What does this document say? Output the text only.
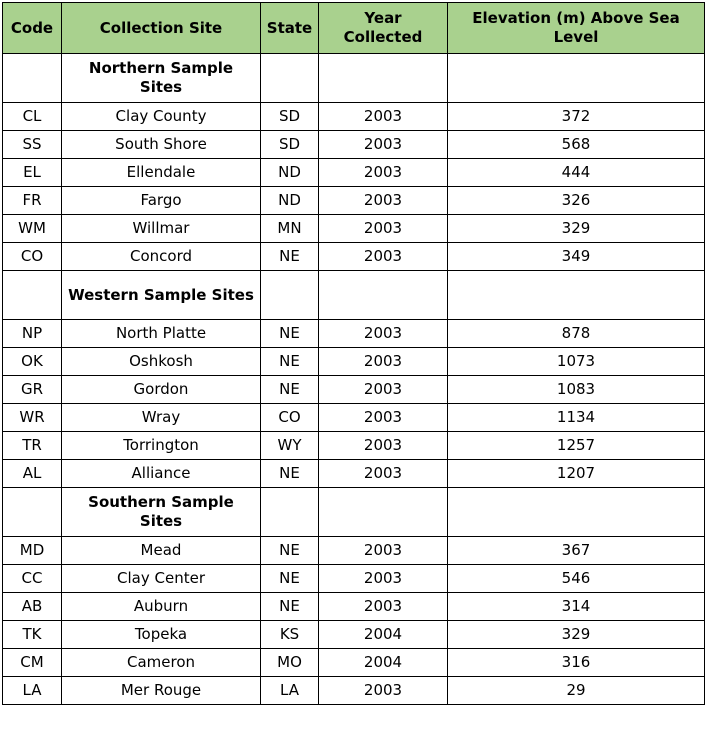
Code	Collection Site	State	Year Collected	Elevation (m) Above Sea Level
	Northern Sample Sites			
CL	Clay County	SD	2003	372
SS	South Shore	SD	2003	568
EL	Ellendale	ND	2003	444
FR	Fargo	ND	2003	326
WM	Willmar	MN	2003	329
CO	Concord	NE	2003	349
	Western Sample Sites			
NP	North Platte	NE	2003	878
OK	Oshkosh	NE	2003	1073
GR	Gordon	NE	2003	1083
WR	Wray	CO	2003	1134
TR	Torrington	WY	2003	1257
AL	Alliance	NE	2003	1207
	Southern Sample Sites			
MD	Mead	NE	2003	367
CC	Clay Center	NE	2003	546
AB	Auburn	NE	2003	314
TK	Topeka	KS	2004	329
CM	Cameron	MO	2004	316
LA	Mer Rouge	LA	2003	29
